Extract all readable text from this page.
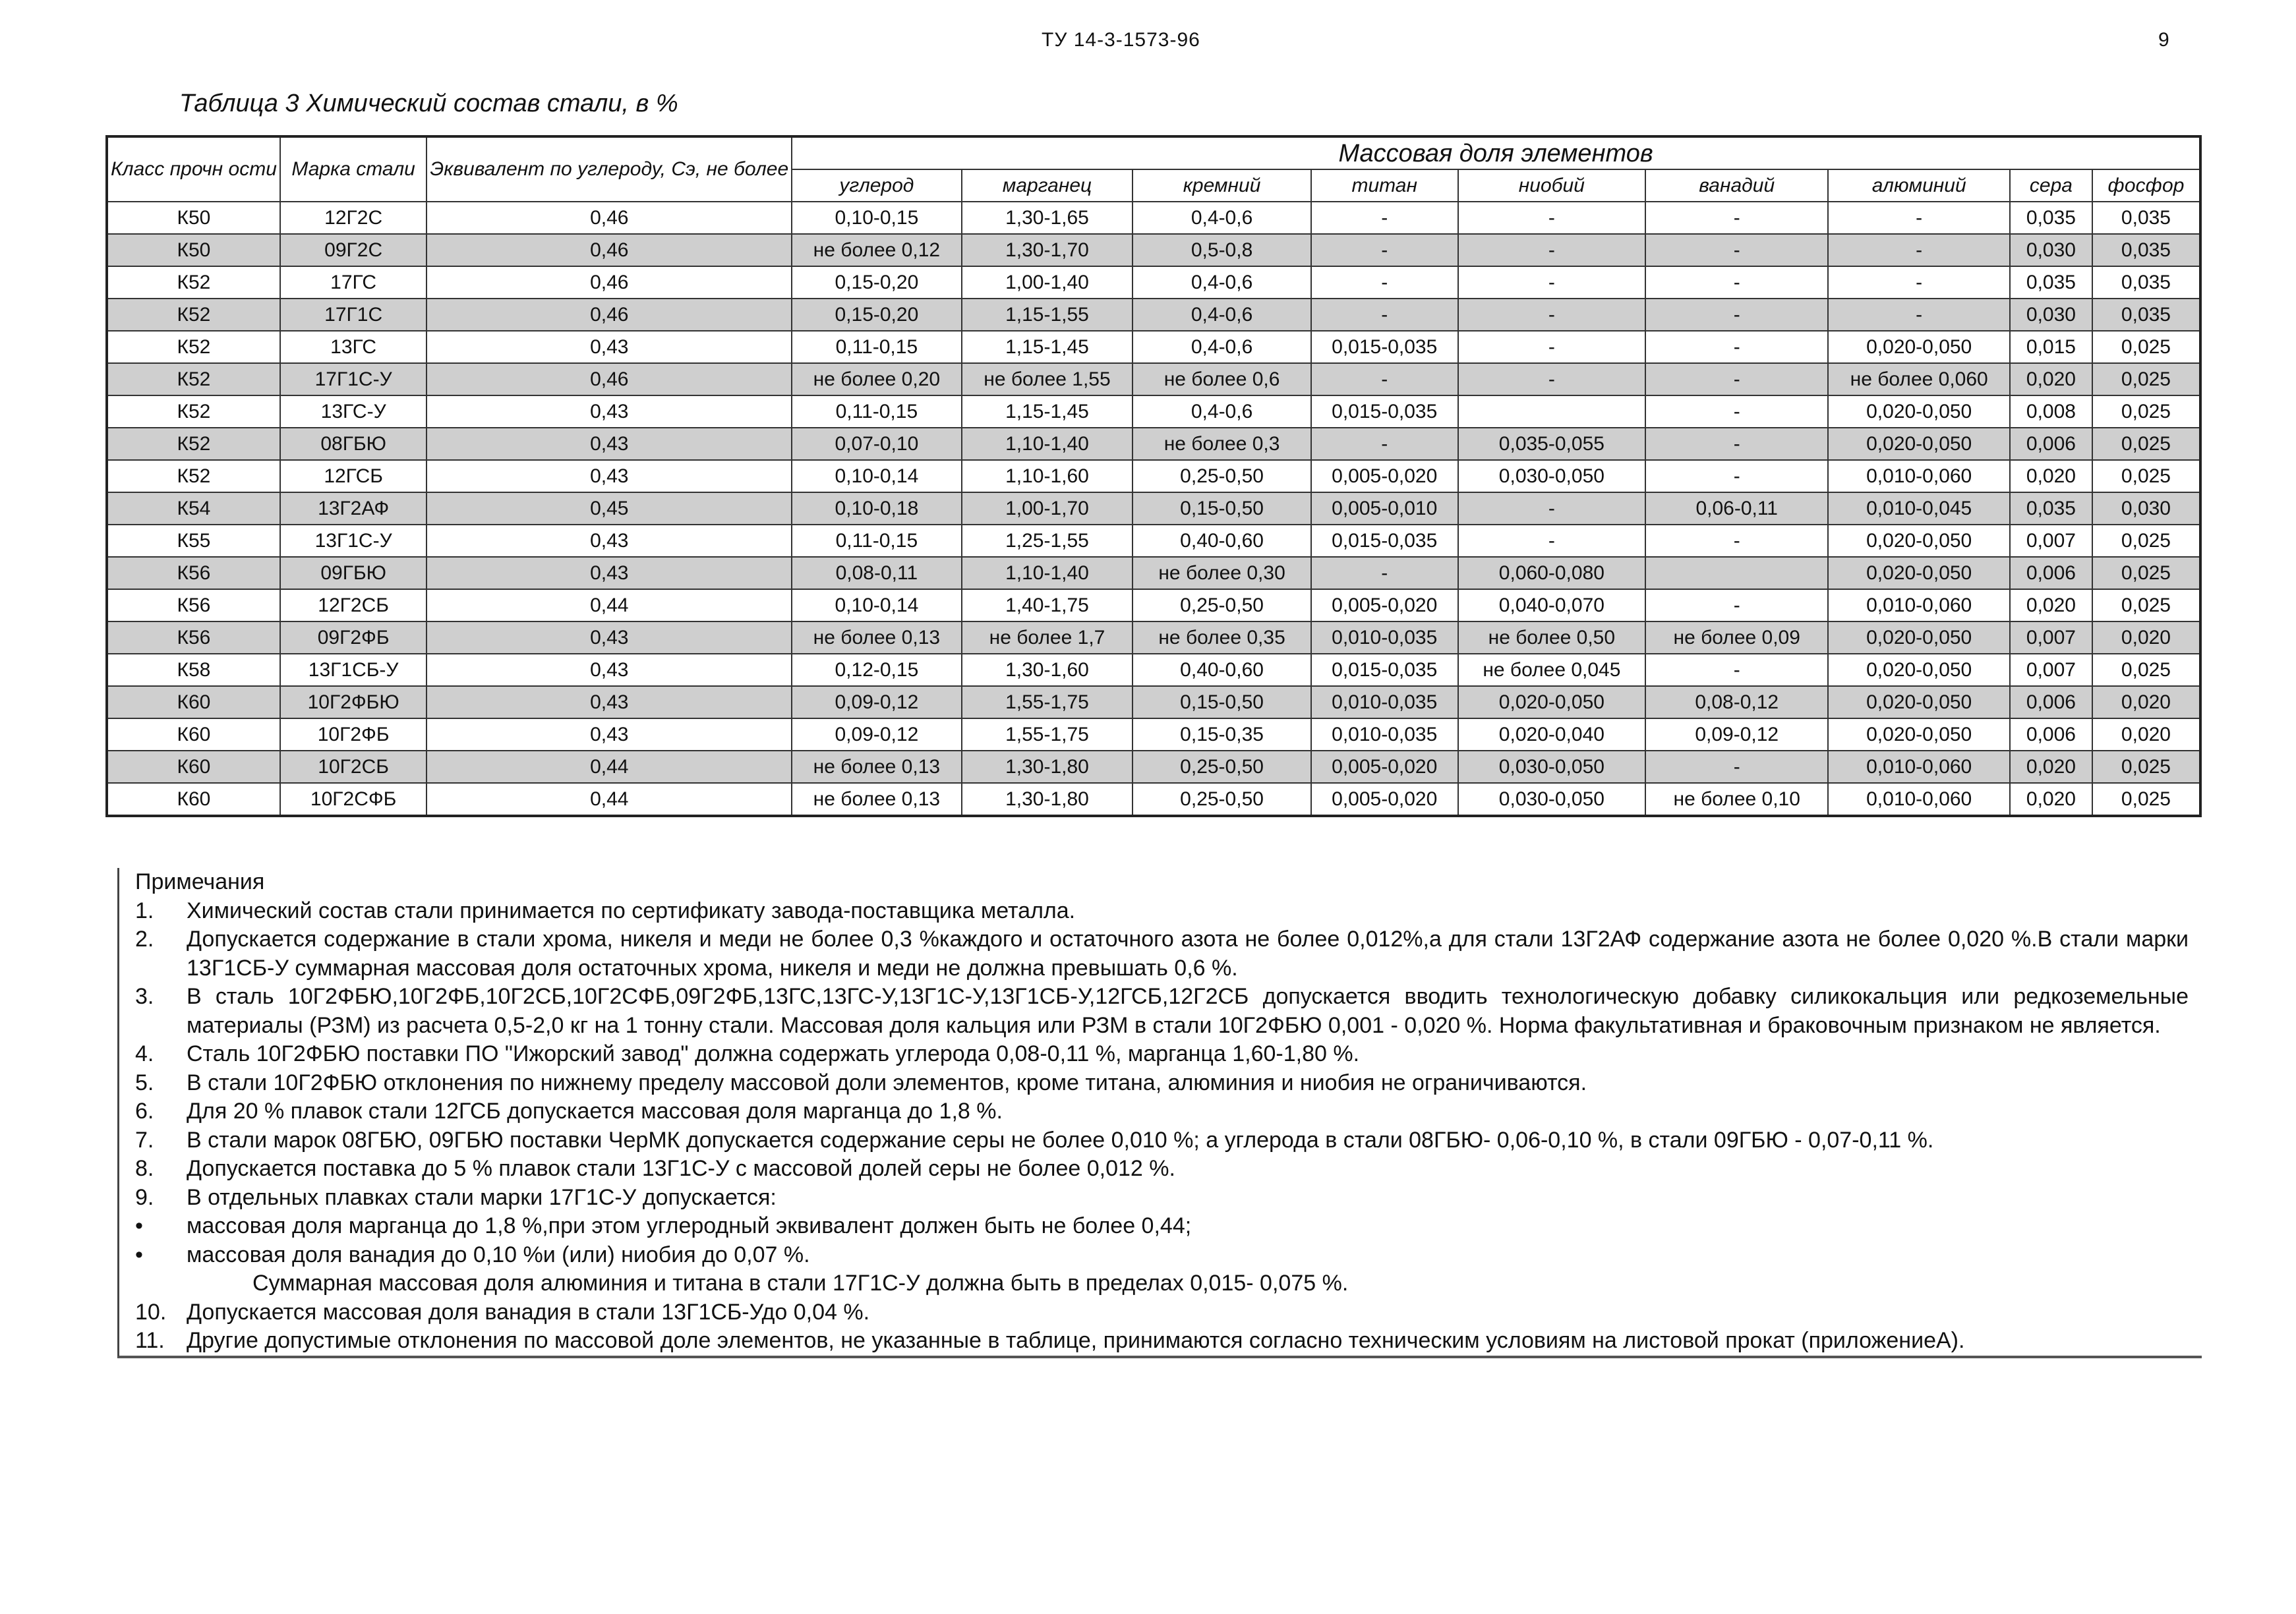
ТУ 14-3-1573-96	9
Таблица 3 Химический состав стали, в %
Класс прочн ости	Марка стали	Эквивалент по углероду, Сэ, не более	Массовая доля элементов								
			углерод	марганец	кремний	титан	ниобий	ванадий	алюминий	сера	фосфор
К50	12Г2С	0,46	0,10-0,15	1,30-1,65	0,4-0,6	-	-	-	-	0,035	0,035
К50	09Г2С	0,46	не более 0,12	1,30-1,70	0,5-0,8	-	-	-	-	0,030	0,035
К52	17ГС	0,46	0,15-0,20	1,00-1,40	0,4-0,6	-	-	-	-	0,035	0,035
К52	17Г1С	0,46	0,15-0,20	1,15-1,55	0,4-0,6	-	-	-	-	0,030	0,035
К52	13ГС	0,43	0,11-0,15	1,15-1,45	0,4-0,6	0,015-0,035	-	-	0,020-0,050	0,015	0,025
К52	17Г1С-У	0,46	не более 0,20	не более 1,55	не более 0,6	-	-	-	не более 0,060	0,020	0,025
К52	13ГС-У	0,43	0,11-0,15	1,15-1,45	0,4-0,6	0,015-0,035		-	0,020-0,050	0,008	0,025
К52	08ГБЮ	0,43	0,07-0,10	1,10-1,40	не более 0,3	-	0,035-0,055	-	0,020-0,050	0,006	0,025
К52	12ГСБ	0,43	0,10-0,14	1,10-1,60	0,25-0,50	0,005-0,020	0,030-0,050	-	0,010-0,060	0,020	0,025
К54	13Г2АФ	0,45	0,10-0,18	1,00-1,70	0,15-0,50	0,005-0,010	-	0,06-0,11	0,010-0,045	0,035	0,030
К55	13Г1С-У	0,43	0,11-0,15	1,25-1,55	0,40-0,60	0,015-0,035	-	-	0,020-0,050	0,007	0,025
К56	09ГБЮ	0,43	0,08-0,11	1,10-1,40	не более 0,30	-	0,060-0,080		0,020-0,050	0,006	0,025
К56	12Г2СБ	0,44	0,10-0,14	1,40-1,75	0,25-0,50	0,005-0,020	0,040-0,070	-	0,010-0,060	0,020	0,025
К56	09Г2ФБ	0,43	не более 0,13	не более 1,7	не более 0,35	0,010-0,035	не более 0,50	не более 0,09	0,020-0,050	0,007	0,020
К58	13Г1СБ-У	0,43	0,12-0,15	1,30-1,60	0,40-0,60	0,015-0,035	не более 0,045	-	0,020-0,050	0,007	0,025
К60	10Г2ФБЮ	0,43	0,09-0,12	1,55-1,75	0,15-0,50	0,010-0,035	0,020-0,050	0,08-0,12	0,020-0,050	0,006	0,020
К60	10Г2ФБ	0,43	0,09-0,12	1,55-1,75	0,15-0,35	0,010-0,035	0,020-0,040	0,09-0,12	0,020-0,050	0,006	0,020
К60	10Г2СБ	0,44	не более 0,13	1,30-1,80	0,25-0,50	0,005-0,020	0,030-0,050	-	0,010-0,060	0,020	0,025
К60	10Г2СФБ	0,44	не более 0,13	1,30-1,80	0,25-0,50	0,005-0,020	0,030-0,050	не более 0,10	0,010-0,060	0,020	0,025

Примечания

1.	Химический состав стали принимается по сертификату завода-поставщика металла.
2.	Допускается содержание в стали хрома, никеля и меди не более 0,3 %каждого и остаточного азота не более 0,012%,а для стали 13Г2АФ содержание азота не более 0,020 %.В стали марки 13Г1СБ-У суммарная массовая доля остаточных хрома, никеля и меди не должна превышать 0,6 %.
3.	В сталь 10Г2ФБЮ,10Г2ФБ,10Г2СБ,10Г2СФБ,09Г2ФБ,13ГС,13ГС-У,13Г1С-У,13Г1СБ-У,12ГСБ,12Г2СБ допускается вводить технологическую добавку силикокальция или редкоземельные материалы (РЗМ) из расчета 0,5-2,0 кг на 1 тонну стали. Массовая доля кальция или РЗМ в стали 10Г2ФБЮ 0,001 - 0,020 %. Норма факультативная и браковочным признаком не является.
4.	Сталь 10Г2ФБЮ поставки ПО "Ижорский завод" должна содержать углерода 0,08-0,11 %, марганца 1,60-1,80 %.
5.	В стали 10Г2ФБЮ отклонения по нижнему пределу массовой доли элементов, кроме титана, алюминия и ниобия не ограничиваются.
6.	Для 20 % плавок стали 12ГСБ допускается массовая доля марганца до 1,8 %.
7.	В стали марок 08ГБЮ, 09ГБЮ поставки ЧерМК допускается содержание серы не более 0,010 %; а углерода в стали 08ГБЮ- 0,06-0,10 %, в стали 09ГБЮ - 0,07-0,11 %.
8.	Допускается поставка до 5 % плавок стали 13Г1С-У с массовой долей серы не более 0,012 %.
9.	В отдельных плавках стали марки 17Г1С-У допускается:
•	массовая доля марганца до 1,8 %,при этом углеродный эквивалент должен быть не более 0,44;
•	массовая доля ванадия до 0,10 %и (или) ниобия до 0,07 %.
Суммарная массовая доля алюминия и титана в стали 17Г1С-У должна быть в пределах 0,015- 0,075 %.
10. Допускается массовая доля ванадия в стали 13Г1СБ-Удо 0,04 %.
11. Другие допустимые отклонения по массовой доле элементов, не указанные в таблице, принимаются согласно техническим условиям на листовой прокат (приложениеА).
